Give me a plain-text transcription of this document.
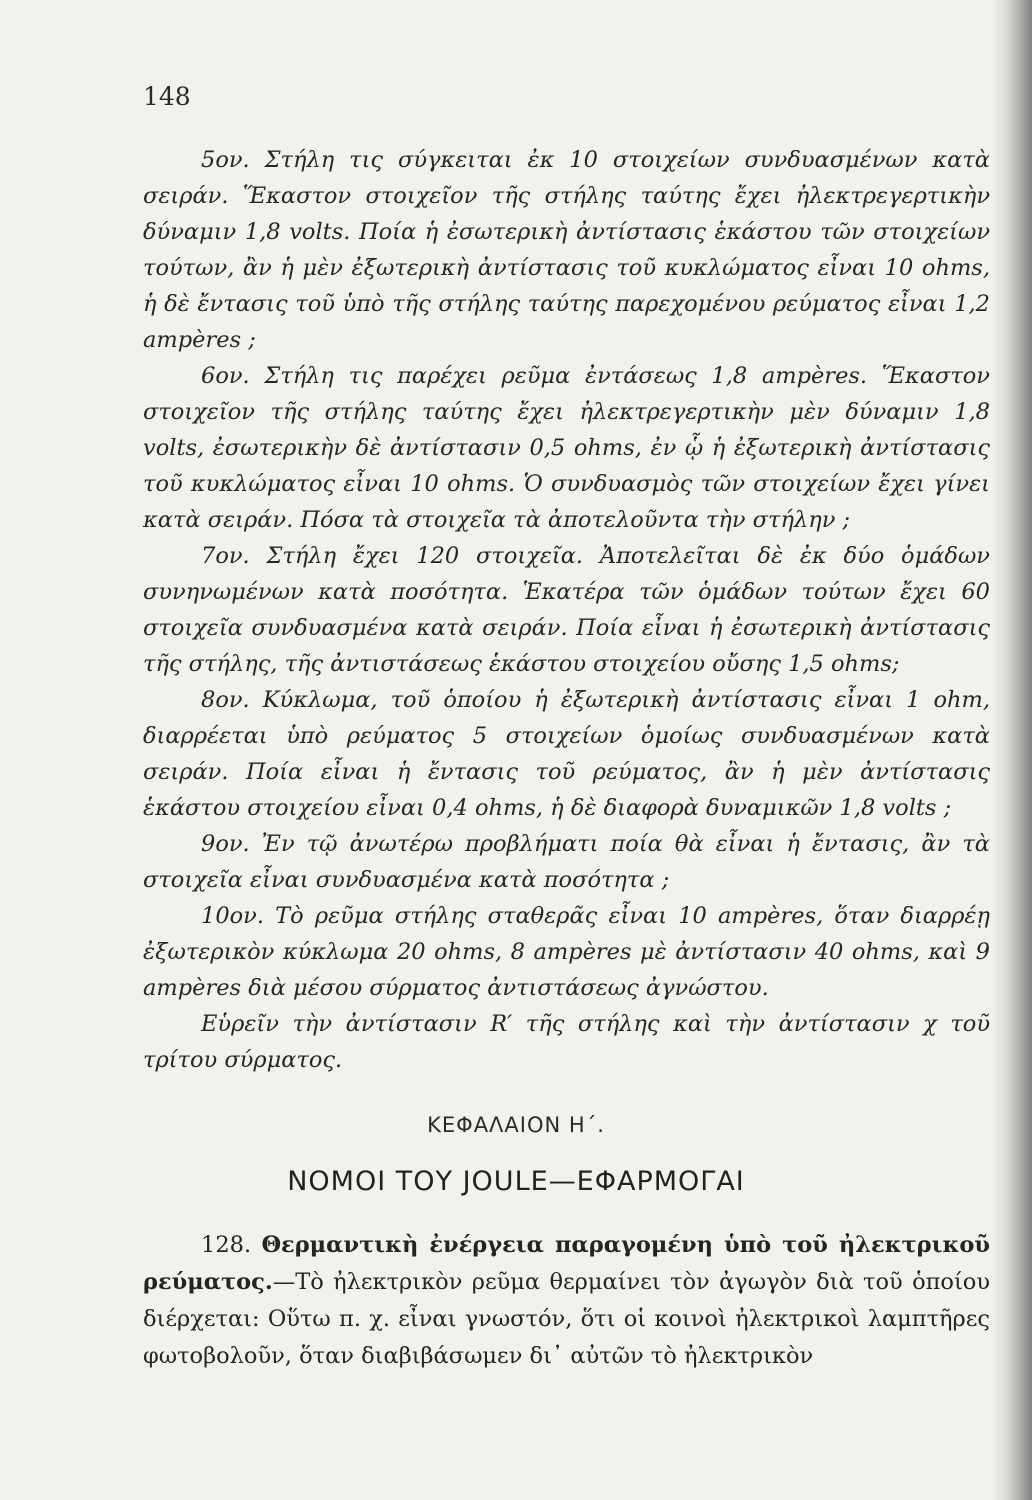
148

5ον. Στήλη τις σύγκειται ἐκ 10 στοιχείων συνδυασμένων κατὰ σειράν. Ἕκαστον στοιχεῖον τῆς στήλης ταύτης ἔχει ἠλεκτρεγερτικὴν δύναμιν 1,8 volts. Ποία ἡ ἐσωτερικὴ ἀντίστασις ἑκάστου τῶν στοιχείων τούτων, ἂν ἡ μὲν ἐξωτερικὴ ἀντίστασις τοῦ κυκλώματος εἶναι 10 ohms, ἡ δὲ ἔντασις τοῦ ὑπὸ τῆς στήλης ταύτης παρεχομένου ρεύματος εἶναι 1,2 ampères ;

6ον. Στήλη τις παρέχει ρεῦμα ἐντάσεως 1,8 ampères. Ἕκαστον στοιχεῖον τῆς στήλης ταύτης ἔχει ἠλεκτρεγερτικὴν μὲν δύναμιν 1,8 volts, ἐσωτερικὴν δὲ ἀντίστασιν 0,5 ohms, ἐν ᾧ ἡ ἐξωτερικὴ ἀντίστασις τοῦ κυκλώματος εἶναι 10 ohms. Ὁ συνδυασμὸς τῶν στοιχείων ἔχει γίνει κατὰ σειράν. Πόσα τὰ στοιχεῖα τὰ ἀποτελοῦντα τὴν στήλην ;

7ον. Στήλη ἔχει 120 στοιχεῖα. Ἀποτελεῖται δὲ ἐκ δύο ὁμάδων συνηνωμένων κατὰ ποσότητα. Ἑκατέρα τῶν ὁμάδων τούτων ἔχει 60 στοιχεῖα συνδυασμένα κατὰ σειράν. Ποία εἶναι ἡ ἐσωτερικὴ ἀντίστασις τῆς στήλης, τῆς ἀντιστάσεως ἑκάστου στοιχείου οὔσης 1,5 ohms;

8ον. Κύκλωμα, τοῦ ὁποίου ἡ ἐξωτερικὴ ἀντίστασις εἶναι 1 ohm, διαρρέεται ὑπὸ ρεύματος 5 στοιχείων ὁμοίως συνδυασμένων κατὰ σειράν. Ποία εἶναι ἡ ἔντασις τοῦ ρεύματος, ἂν ἡ μὲν ἀντίστασις ἑκάστου στοιχείου εἶναι 0,4 ohms, ἡ δὲ διαφορὰ δυναμικῶν 1,8 volts ;

9ον. Ἐν τῷ ἀνωτέρω προβλήματι ποία θὰ εἶναι ἡ ἔντασις, ἂν τὰ στοιχεῖα εἶναι συνδυασμένα κατὰ ποσότητα ;

10ον. Τὸ ρεῦμα στήλης σταθερᾶς εἶναι 10 ampères, ὅταν διαρρέῃ ἐξωτερικὸν κύκλωμα 20 ohms, 8 ampères μὲ ἀντίστασιν 40 ohms, καὶ 9 ampères διὰ μέσου σύρματος ἀντιστάσεως ἀγνώστου.

Εὑρεῖν τὴν ἀντίστασιν R′ τῆς στήλης καὶ τὴν ἀντίστασιν χ τοῦ τρίτου σύρματος.

ΚΕΦΑΛΑΙΟΝ Η΄.
ΝΟΜΟΙ ΤΟΥ JOULE—ΕΦΑΡΜΟΓΑΙ
128. Θερμαντικὴ ἐνέργεια παραγομένη ὑπὸ τοῦ ἠλεκτρικοῦ ρεύματος.—Τὸ ἠλεκτρικὸν ρεῦμα θερμαίνει τὸν ἀγωγὸν διὰ τοῦ ὁποίου διέρχεται: Οὕτω π. χ. εἶναι γνωστόν, ὅτι οἱ κοινοὶ ἠλεκτρικοὶ λαμπτῆρες φωτοβολοῦν, ὅταν διαβιβάσωμεν δι᾿ αὐτῶν τὸ ἠλεκτρικὸν
